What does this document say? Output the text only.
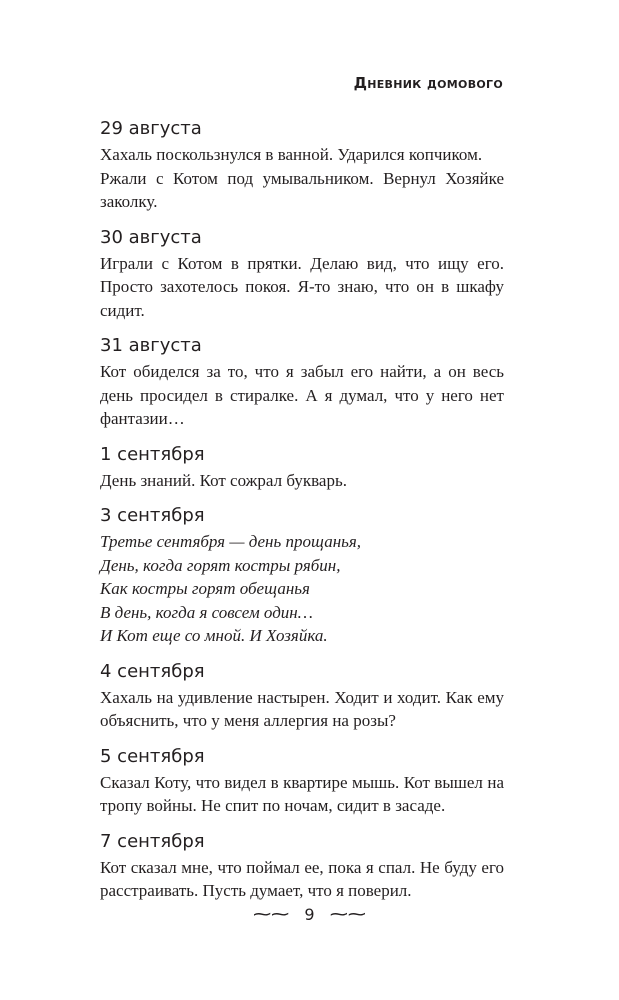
Дневник домового
29 августа

Хахаль поскользнулся в ванной. Ударился копчиком.

Ржали с Котом под умывальником. Вернул Хозяйке заколку.

30 августа

Играли с Котом в прятки. Делаю вид, что ищу его. Просто захотелось покоя. Я-то знаю, что он в шкафу сидит.

31 августа

Кот обиделся за то, что я забыл его найти, а он весь день просидел в стиралке. А я думал, что у него нет фантазии…

1 сентября

День знаний. Кот сожрал букварь.

3 сентября

Третье сентября — день прощанья,

День, когда горят костры рябин,

Как костры горят обещанья

В день, когда я совсем один…

И Кот еще со мной. И Хозяйка.

4 сентября

Хахаль на удивление настырен. Ходит и ходит. Как ему объяснить, что у меня аллергия на розы?

5 сентября

Сказал Коту, что видел в квартире мышь. Кот вышел на тропу войны. Не спит по ночам, сидит в засаде.

7 сентября

Кот сказал мне, что поймал ее, пока я спал. Не буду его расстраивать. Пусть думает, что я поверил.

⁓⁓ 9 ⁓⁓
